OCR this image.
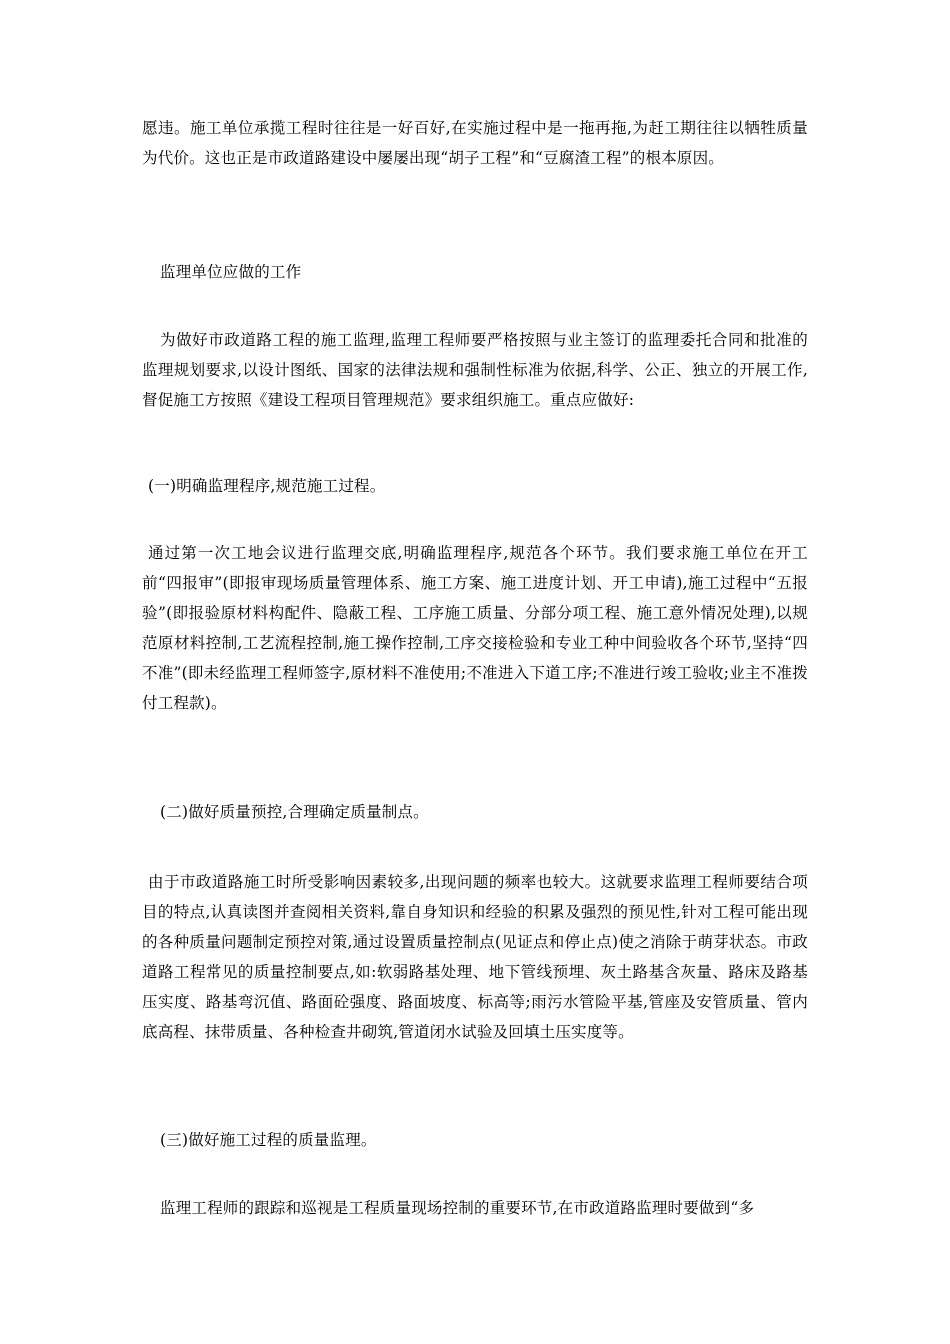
愿违。施工单位承揽工程时往往是一好百好,在实施过程中是一拖再拖,为赶工期往往以牺牲质量为代价。这也正是市政道路建设中屡屡出现“胡子工程”和“豆腐渣工程”的根本原因。

监理单位应做的工作

为做好市政道路工程的施工监理,监理工程师要严格按照与业主签订的监理委托合同和批准的监理规划要求,以设计图纸、国家的法律法规和强制性标准为依据,科学、公正、独立的开展工作,督促施工方按照《建设工程项目管理规范》要求组织施工。重点应做好:

(一)明确监理程序,规范施工过程。

通过第一次工地会议进行监理交底,明确监理程序,规范各个环节。我们要求施工单位在开工前“四报审”(即报审现场质量管理体系、施工方案、施工进度计划、开工申请),施工过程中“五报验”(即报验原材料构配件、隐蔽工程、工序施工质量、分部分项工程、施工意外情况处理),以规范原材料控制,工艺流程控制,施工操作控制,工序交接检验和专业工种中间验收各个环节,坚持“四不准”(即未经监理工程师签字,原材料不准使用;不准进入下道工序;不准进行竣工验收;业主不准拨付工程款)。

(二)做好质量预控,合理确定质量制点。

由于市政道路施工时所受影响因素较多,出现问题的频率也较大。这就要求监理工程师要结合项目的特点,认真读图并查阅相关资料,靠自身知识和经验的积累及强烈的预见性,针对工程可能出现的各种质量问题制定预控对策,通过设置质量控制点(见证点和停止点)使之消除于萌芽状态。市政道路工程常见的质量控制要点,如:软弱路基处理、地下管线预埋、灰土路基含灰量、路床及路基压实度、路基弯沉值、路面砼强度、路面坡度、标高等;雨污水管险平基,管座及安管质量、管内底高程、抹带质量、各种检查井砌筑,管道闭水试验及回填土压实度等。

(三)做好施工过程的质量监理。

监理工程师的跟踪和巡视是工程质量现场控制的重要环节,在市政道路监理时要做到“多
